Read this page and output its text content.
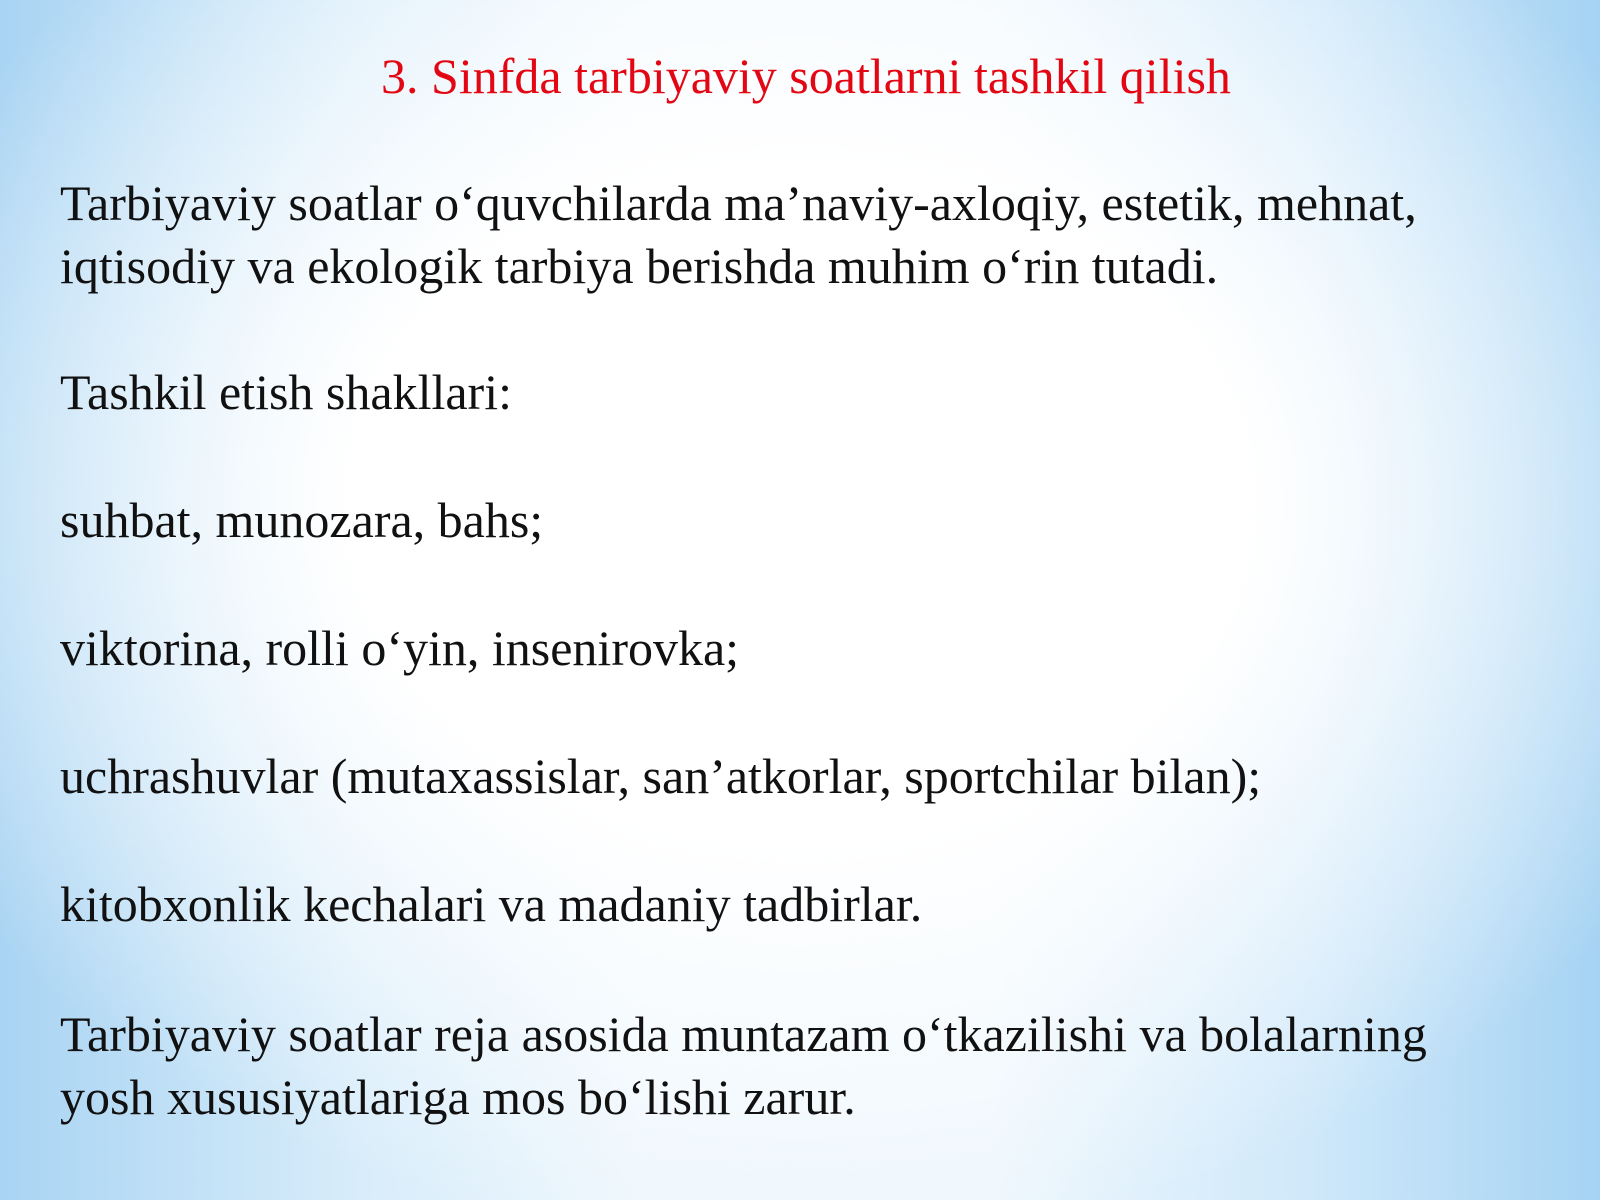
3. Sinfda tarbiyaviy soatlarni tashkil qilish
Tarbiyaviy soatlar o‘quvchilarda ma’naviy-axloqiy, estetik, mehnat,
iqtisodiy va ekologik tarbiya berishda muhim o‘rin tutadi.
Tashkil etish shakllari:
suhbat, munozara, bahs;
viktorina, rolli o‘yin, insenirovka;
uchrashuvlar (mutaxassislar, san’atkorlar, sportchilar bilan);
kitobxonlik kechalari va madaniy tadbirlar.
Tarbiyaviy soatlar reja asosida muntazam o‘tkazilishi va bolalarning
yosh xususiyatlariga mos bo‘lishi zarur.
